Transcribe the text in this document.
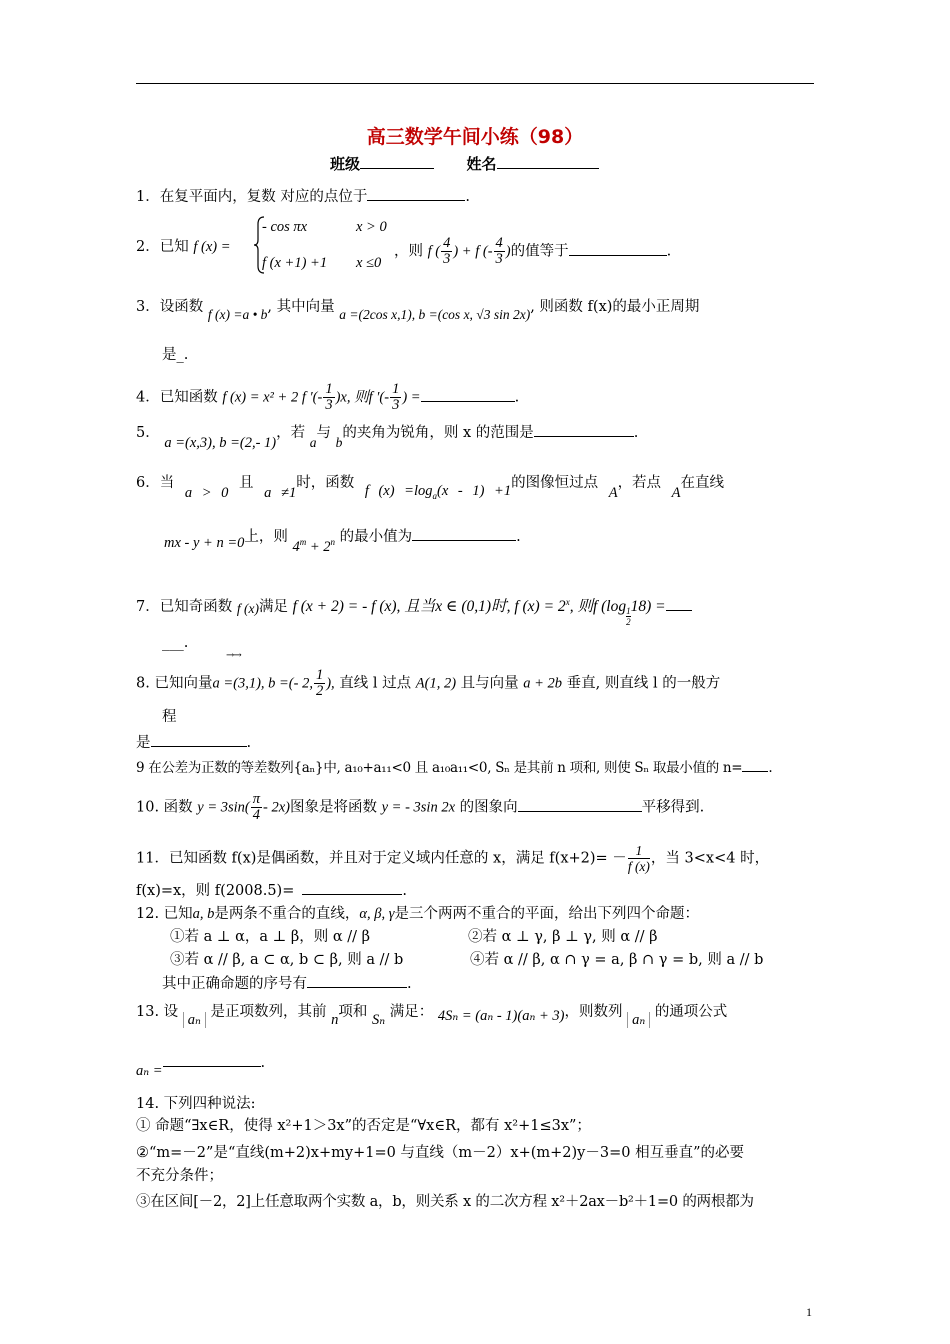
高三数学午间小练（98）
班级	姓名
1．在复平面内，复数 对应的点位于	.
2．已知 f (x) =
- cos πx	x > 0
f (x +1) +1 x ≤0
，则 f ( $\frac{4}{3}$ ) + f (- $\frac{4}{3}$ )的值等于	.
3．设函数 f (x) =a • b, 其中向量 a =(2cos x,1), b =(cos x, √3 sin 2x), 则函数 f(x)的最小正周期
是_.
4．已知函数 f (x) = x² + 2 f ′(- $\frac{1}{3} )x$, 则f ′(- $\frac{1}{3}$ ) =	.
5． a =(x,3), b =(2,- 1)，若 a与 b的夹角为锐角，则 x 的范围是	.
6．当 a > 0 且 a ≠1时，函数 f $(x) =\log_a(x - 1) +1$的图像恒过点 A，若点 A在直线
mx - y + n =0上，则 $4^m + 2^n$ 的最小值为	.
7．已知奇函数 f (x)满足 f (x + 2) = - f (x), 且当x ∈ (0,1)时, f $(x) = 2^x$, 则f $(\log \frac{1}{2} 18)$ =
___.
→→
8. 已知向量a =(3,1), b =(- 2, $\frac{1}{2}$ ), 直线 l 过点 A(1, 2) 且与向量 a + 2b 垂直, 则直线 l 的一般方
程
是	.
9 在公差为正数的等差数列{aₙ}中, a₁₀+a₁₁<0 且 a₁₀a₁₁<0, Sₙ 是其前 n 项和, 则使 Sₙ 取最小值的 n= .
10. 函数 $y = 3\sin( \frac{\pi}{4} - 2x)$图象是将函数 y = - 3sin 2x 的图象向	平移得到.
11．已知函数 f(x)是偶函数，并且对于定义域内任意的 x，满足 $f(x+2)= - \frac{1}{f (x)}$ ，当 3<x<4 时，
f(x)=x，则 f(2008.5)=	.
12. 已知a, b是两条不重合的直线，α, β, γ是三个两两不重合的平面，给出下列四个命题：
①若 a ⊥ α，a ⊥ β，则 α // β	②若 α ⊥ γ, β ⊥ γ, 则 α // β
③若 α // β, a ⊂ α, b ⊂ β, 则 a // b	④若 α // β, α ∩ γ = a, β ∩ γ = b, 则 a // b
其中正确命题的序号有	.
13. 设 aₙ 是正项数列，其前 n项和 Sₙ 满足： 4Sₙ = (aₙ - 1)(aₙ + 3)，则数列 aₙ 的通项公式
aₙ =	.
14. 下列四种说法:
① 命题“∃x∈R，使得 x²+1＞3x”的否定是“∀x∈R，都有 x²+1≤3x”；
②“m=－2”是“直线(m+2)x+my+1=0 与直线（m－2）x+(m+2)y－3=0 相互垂直”的必要
不充分条件；
③在区间[－2，2]上任意取两个实数 a，b，则关系 x 的二次方程 x²＋2ax－b²＋1=0 的两根都为
1
